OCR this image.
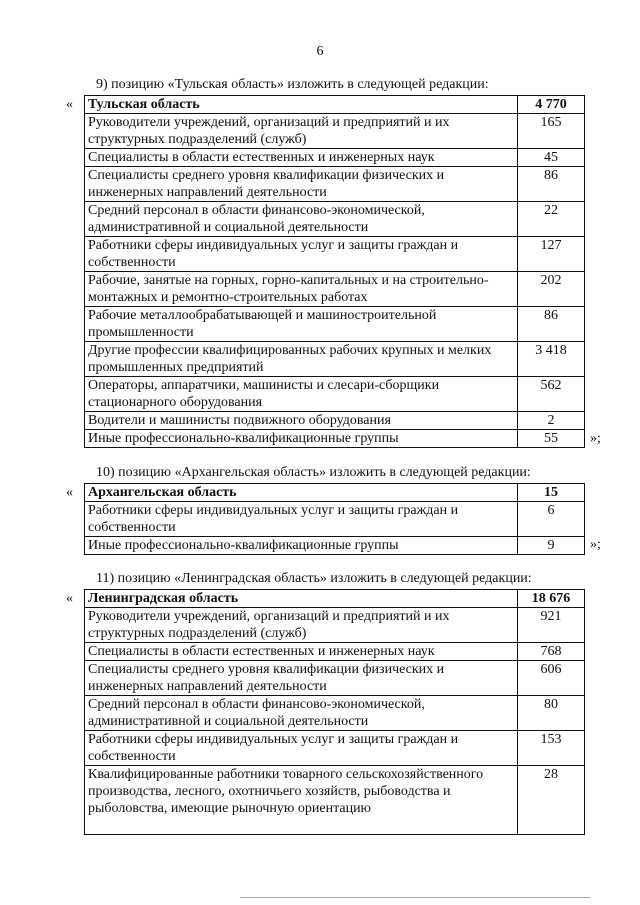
6
9) позицию «Тульская область» изложить в следующей редакции:
« Тульская область	4 770
Руководители учреждений, организаций и предприятий и их структурных подразделений (служб)	165
Специалисты в области естественных и инженерных наук	45
Специалисты среднего уровня квалификации физических и инженерных направлений деятельности	86
Средний персонал в области финансово-экономической, административной и социальной деятельности	22
Работники сферы индивидуальных услуг и защиты граждан и собственности	127
Рабочие, занятые на горных, горно-капитальных и на строительно-монтажных и ремонтно-строительных работах	202
Рабочие металлообрабатывающей и машиностроительной промышленности	86
Другие профессии квалифицированных рабочих крупных и мелких промышленных предприятий	3 418
Операторы, аппаратчики, машинисты и слесари-сборщики стационарного оборудования	562
Водители и машинисты подвижного оборудования	2
Иные профессионально-квалификационные группы	55 »;
10) позицию «Архангельская область» изложить в следующей редакции:
« Архангельская область	15
Работники сферы индивидуальных услуг и защиты граждан и собственности	6
Иные профессионально-квалификационные группы	9	»;
11) позицию «Ленинградская область» изложить в следующей редакции:
« Ленинградская область	18 676
Руководители учреждений, организаций и предприятий и их структурных подразделений (служб)	921
Специалисты в области естественных и инженерных наук	768
Специалисты среднего уровня квалификации физических и инженерных направлений деятельности	606
Средний персонал в области финансово-экономической, административной и социальной деятельности	80
Работники сферы индивидуальных услуг и защиты граждан и собственности	153
Квалифицированные работники товарного сельскохозяйственного производства, лесного, охотничьего хозяйств, рыбоводства и рыболовства, имеющие рыночную ориентацию	28
